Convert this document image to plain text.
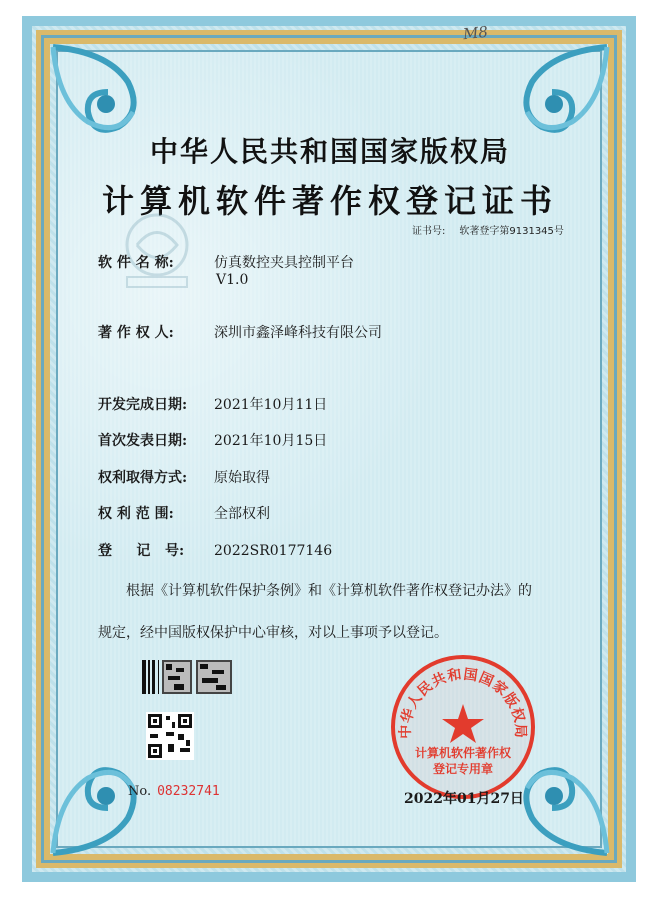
M8
中华人民共和国国家版权局
计算机软件著作权登记证书
证书号: 软著登字第9131345号
软 件 名 称:	仿真数控夹具控制平台
V1.0
著 作 权 人:	深圳市鑫泽峰科技有限公司
开发完成日期: 2021年10月11日
首次发表日期: 2021年10月15日
权利取得方式: 原始取得
权 利 范 围:	全部权利
登     记   号: 2022SR0177146
根据《计算机软件保护条例》和《计算机软件著作权登记办法》的
规定，经中国版权保护中心审核，对以上事项予以登记。
No. 08232741
中华人民共和国国家版权局
计算机软件著作权
登记专用章
2022年01月27日
